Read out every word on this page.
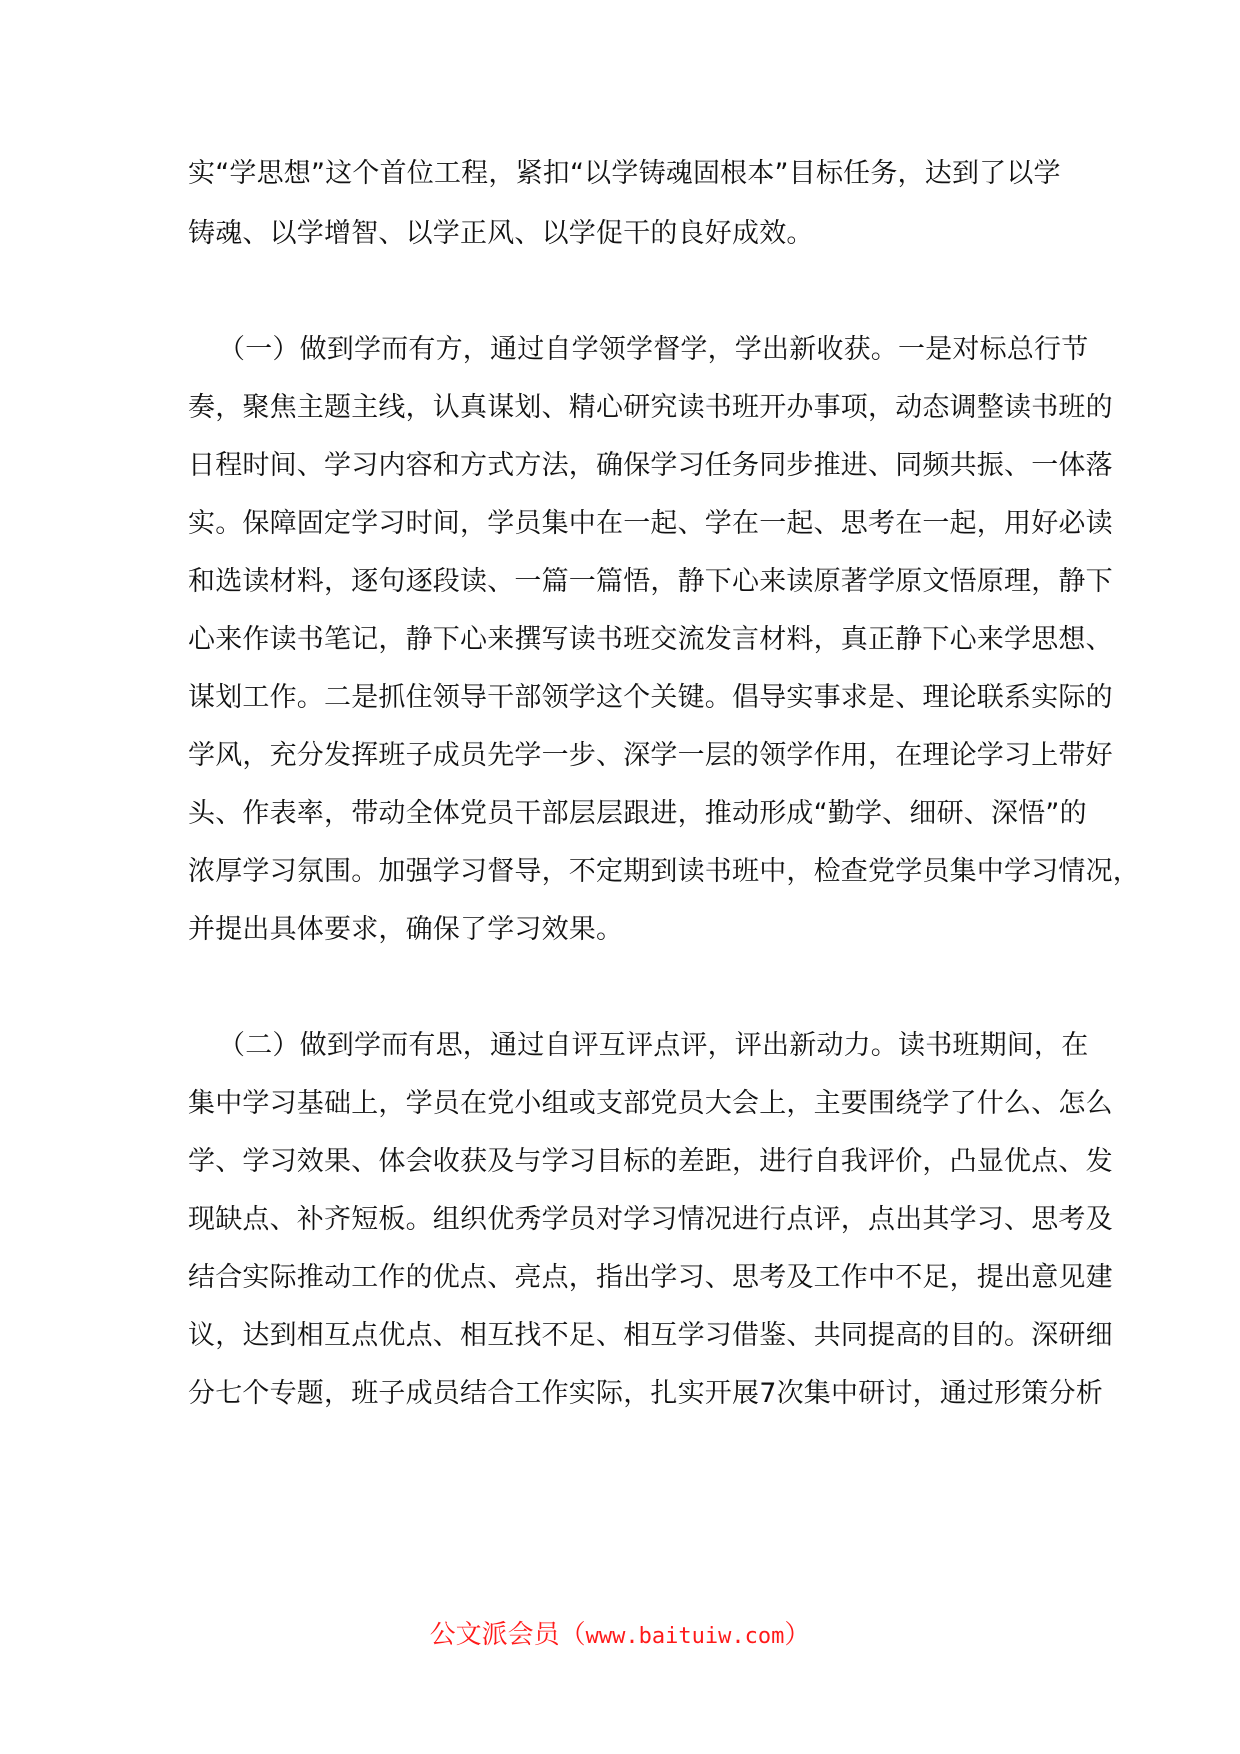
实“学思想”这个首位工程，紧扣“以学铸魂固根本”目标任务，达到了以学
铸魂、以学增智、以学正风、以学促干的良好成效。
（一）做到学而有方，通过自学领学督学，学出新收获。一是对标总行节
奏，聚焦主题主线，认真谋划、精心研究读书班开办事项，动态调整读书班的
日程时间、学习内容和方式方法，确保学习任务同步推进、同频共振、一体落
实。保障固定学习时间，学员集中在一起、学在一起、思考在一起，用好必读
和选读材料，逐句逐段读、一篇一篇悟，静下心来读原著学原文悟原理，静下
心来作读书笔记，静下心来撰写读书班交流发言材料，真正静下心来学思想、
谋划工作。二是抓住领导干部领学这个关键。倡导实事求是、理论联系实际的
学风，充分发挥班子成员先学一步、深学一层的领学作用，在理论学习上带好
头、作表率，带动全体党员干部层层跟进，推动形成“勤学、细研、深悟”的
浓厚学习氛围。加强学习督导，不定期到读书班中，检查党学员集中学习情况，
并提出具体要求，确保了学习效果。
（二）做到学而有思，通过自评互评点评，评出新动力。读书班期间，在
集中学习基础上，学员在党小组或支部党员大会上，主要围绕学了什么、怎么
学、学习效果、体会收获及与学习目标的差距，进行自我评价，凸显优点、发
现缺点、补齐短板。组织优秀学员对学习情况进行点评，点出其学习、思考及
结合实际推动工作的优点、亮点，指出学习、思考及工作中不足，提出意见建
议，达到相互点优点、相互找不足、相互学习借鉴、共同提高的目的。深研细
分七个专题，班子成员结合工作实际，扎实开展7次集中研讨，通过形策分析
公文派会员（www.baituiw.com）
